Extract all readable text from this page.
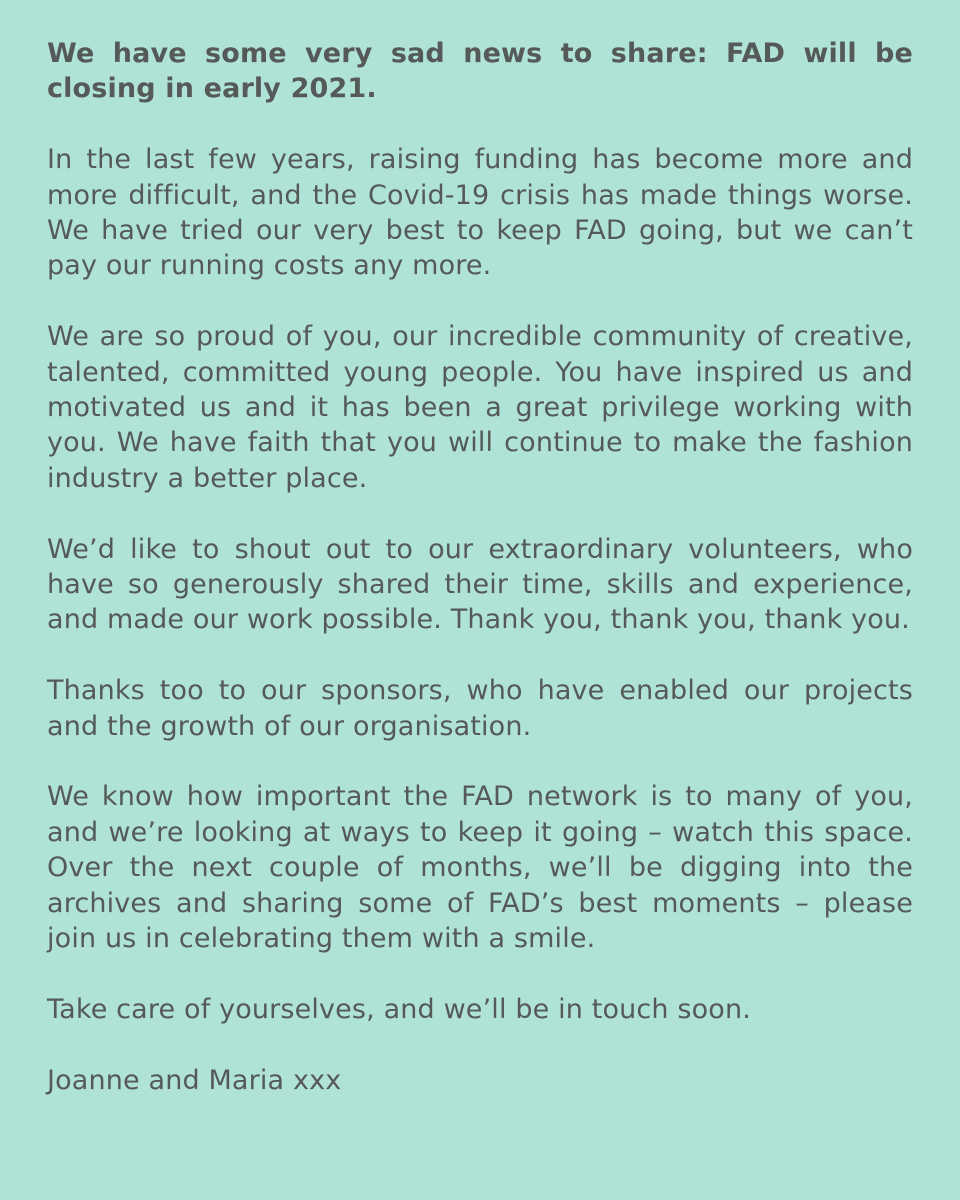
We have some very sad news to share: FAD will be closing in early 2021.

In the last few years, raising funding has become more and more difficult, and the Covid-19 crisis has made things worse. We have tried our very best to keep FAD going, but we can’t pay our running costs any more.

We are so proud of you, our incredible community of creative, talented, committed young people. You have inspired us and motivated us and it has been a great privilege working with you. We have faith that you will continue to make the fashion industry a better place.

We’d like to shout out to our extraordinary volunteers, who have so generously shared their time, skills and experience, and made our work possible. Thank you, thank you, thank you.

Thanks too to our sponsors, who have enabled our projects and the growth of our organisation.

We know how important the FAD network is to many of you, and we’re looking at ways to keep it going – watch this space. Over the next couple of months, we’ll be digging into the archives and sharing some of FAD’s best moments – please join us in celebrating them with a smile.

Take care of yourselves, and we’ll be in touch soon.

Joanne and Maria xxx
